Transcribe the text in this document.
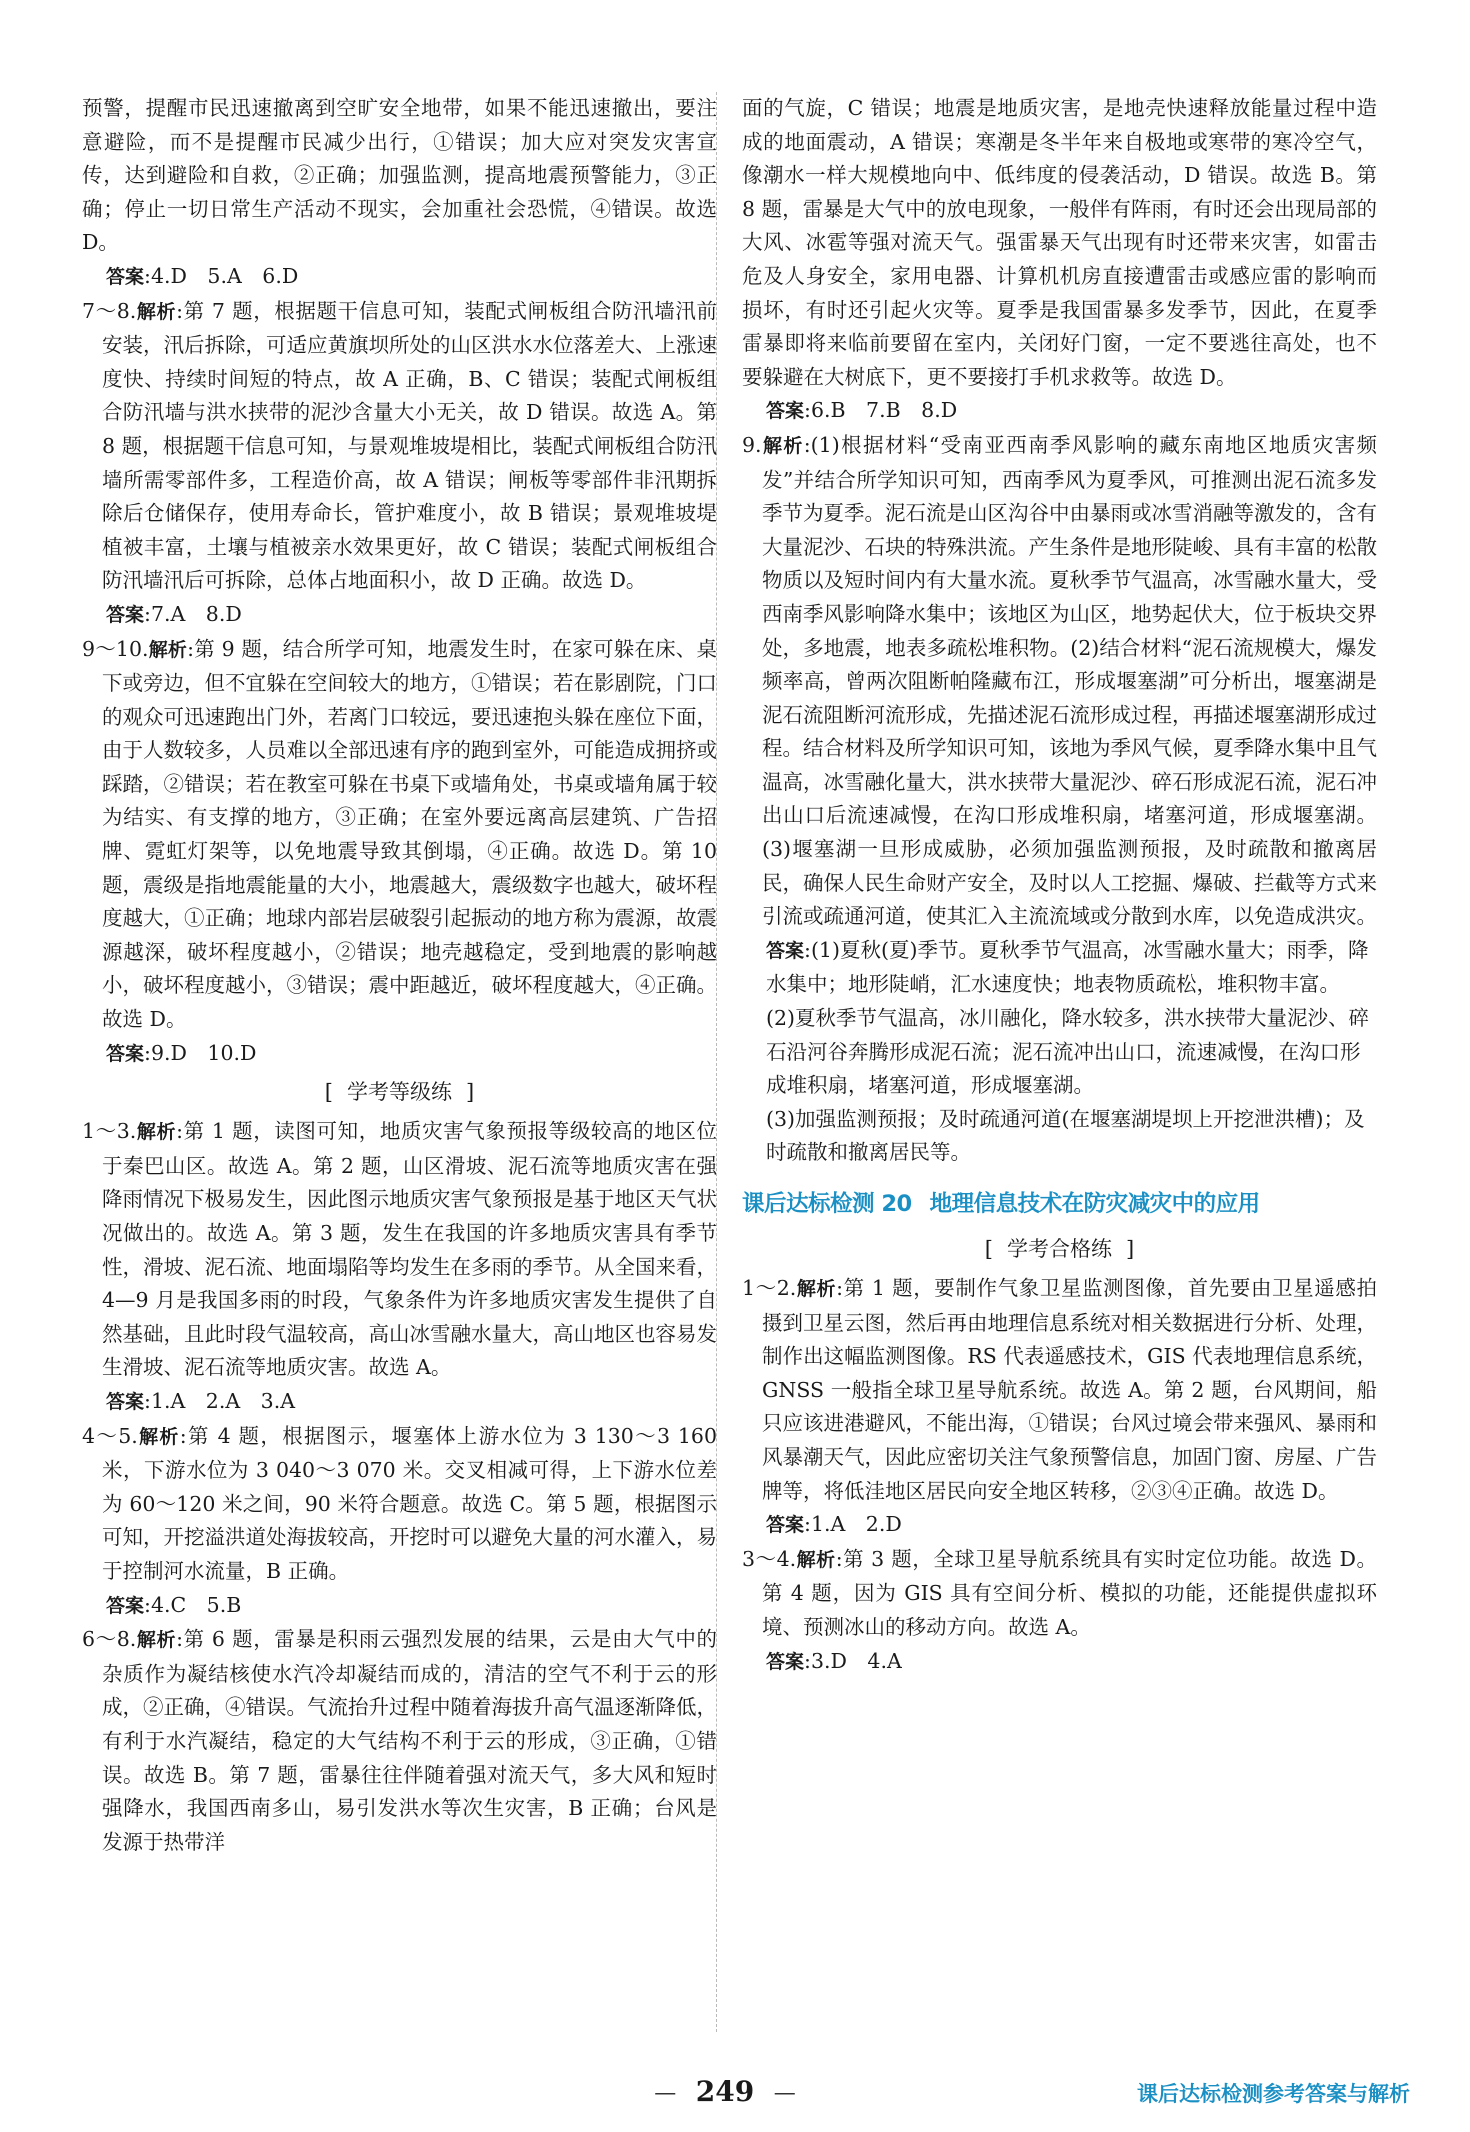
预警，提醒市民迅速撤离到空旷安全地带，如果不能迅速撤出，要注意避险，而不是提醒市民减少出行，①错误；加大应对突发灾害宣传，达到避险和自救，②正确；加强监测，提高地震预警能力，③正确；停止一切日常生产活动不现实，会加重社会恐慌，④错误。故选 D。

答案:4.D　5.A　6.D

7～8.解析:第 7 题，根据题干信息可知，装配式闸板组合防汛墙汛前安装，汛后拆除，可适应黄旗坝所处的山区洪水水位落差大、上涨速度快、持续时间短的特点，故 A 正确，B、C 错误；装配式闸板组合防汛墙与洪水挟带的泥沙含量大小无关，故 D 错误。故选 A。第 8 题，根据题干信息可知，与景观堆坡堤相比，装配式闸板组合防汛墙所需零部件多，工程造价高，故 A 错误；闸板等零部件非汛期拆除后仓储保存，使用寿命长，管护难度小，故 B 错误；景观堆坡堤植被丰富，土壤与植被亲水效果更好，故 C 错误；装配式闸板组合防汛墙汛后可拆除，总体占地面积小，故 D 正确。故选 D。

答案:7.A　8.D

9～10.解析:第 9 题，结合所学可知，地震发生时，在家可躲在床、桌下或旁边，但不宜躲在空间较大的地方，①错误；若在影剧院，门口的观众可迅速跑出门外，若离门口较远，要迅速抱头躲在座位下面，由于人数较多，人员难以全部迅速有序的跑到室外，可能造成拥挤或踩踏，②错误；若在教室可躲在书桌下或墙角处，书桌或墙角属于较为结实、有支撑的地方，③正确；在室外要远离高层建筑、广告招牌、霓虹灯架等，以免地震导致其倒塌，④正确。故选 D。第 10 题，震级是指地震能量的大小，地震越大，震级数字也越大，破坏程度越大，①正确；地球内部岩层破裂引起振动的地方称为震源，故震源越深，破坏程度越小，②错误；地壳越稳定，受到地震的影响越小，破坏程度越小，③错误；震中距越近，破坏程度越大，④正确。故选 D。

答案:9.D　10.D

[ 学考等级练 ]

1～3.解析:第 1 题，读图可知，地质灾害气象预报等级较高的地区位于秦巴山区。故选 A。第 2 题，山区滑坡、泥石流等地质灾害在强降雨情况下极易发生，因此图示地质灾害气象预报是基于地区天气状况做出的。故选 A。第 3 题，发生在我国的许多地质灾害具有季节性，滑坡、泥石流、地面塌陷等均发生在多雨的季节。从全国来看，4—9 月是我国多雨的时段，气象条件为许多地质灾害发生提供了自然基础，且此时段气温较高，高山冰雪融水量大，高山地区也容易发生滑坡、泥石流等地质灾害。故选 A。

答案:1.A　2.A　3.A

4～5.解析:第 4 题，根据图示，堰塞体上游水位为 3 130～3 160 米，下游水位为 3 040～3 070 米。交叉相减可得，上下游水位差为 60～120 米之间，90 米符合题意。故选 C。第 5 题，根据图示可知，开挖溢洪道处海拔较高，开挖时可以避免大量的河水灌入，易于控制河水流量，B 正确。

答案:4.C　5.B

6～8.解析:第 6 题，雷暴是积雨云强烈发展的结果，云是由大气中的杂质作为凝结核使水汽冷却凝结而成的，清洁的空气不利于云的形成，②正确，④错误。气流抬升过程中随着海拔升高气温逐渐降低，有利于水汽凝结，稳定的大气结构不利于云的形成，③正确，①错误。故选 B。第 7 题，雷暴往往伴随着强对流天气，多大风和短时强降水，我国西南多山，易引发洪水等次生灾害，B 正确；台风是发源于热带洋

面的气旋，C 错误；地震是地质灾害，是地壳快速释放能量过程中造成的地面震动，A 错误；寒潮是冬半年来自极地或寒带的寒冷空气，像潮水一样大规模地向中、低纬度的侵袭活动，D 错误。故选 B。第 8 题，雷暴是大气中的放电现象，一般伴有阵雨，有时还会出现局部的大风、冰雹等强对流天气。强雷暴天气出现有时还带来灾害，如雷击危及人身安全，家用电器、计算机机房直接遭雷击或感应雷的影响而损坏，有时还引起火灾等。夏季是我国雷暴多发季节，因此，在夏季雷暴即将来临前要留在室内，关闭好门窗，一定不要逃往高处，也不要躲避在大树底下，更不要接打手机求救等。故选 D。

答案:6.B　7.B　8.D

9.解析:(1)根据材料“受南亚西南季风影响的藏东南地区地质灾害频发”并结合所学知识可知，西南季风为夏季风，可推测出泥石流多发季节为夏季。泥石流是山区沟谷中由暴雨或冰雪消融等激发的，含有大量泥沙、石块的特殊洪流。产生条件是地形陡峻、具有丰富的松散物质以及短时间内有大量水流。夏秋季节气温高，冰雪融水量大，受西南季风影响降水集中；该地区为山区，地势起伏大，位于板块交界处，多地震，地表多疏松堆积物。(2)结合材料“泥石流规模大，爆发频率高，曾两次阻断帕隆藏布江，形成堰塞湖”可分析出，堰塞湖是泥石流阻断河流形成，先描述泥石流形成过程，再描述堰塞湖形成过程。结合材料及所学知识可知，该地为季风气候，夏季降水集中且气温高，冰雪融化量大，洪水挟带大量泥沙、碎石形成泥石流，泥石冲出山口后流速减慢，在沟口形成堆积扇，堵塞河道，形成堰塞湖。(3)堰塞湖一旦形成威胁，必须加强监测预报，及时疏散和撤离居民，确保人民生命财产安全，及时以人工挖掘、爆破、拦截等方式来引流或疏通河道，使其汇入主流流域或分散到水库，以免造成洪灾。

答案:(1)夏秋(夏)季节。夏秋季节气温高，冰雪融水量大；雨季，降水集中；地形陡峭，汇水速度快；地表物质疏松，堆积物丰富。

(2)夏秋季节气温高，冰川融化，降水较多，洪水挟带大量泥沙、碎石沿河谷奔腾形成泥石流；泥石流冲出山口，流速减慢，在沟口形成堆积扇，堵塞河道，形成堰塞湖。

(3)加强监测预报；及时疏通河道(在堰塞湖堤坝上开挖泄洪槽)；及时疏散和撤离居民等。

课后达标检测 20 地理信息技术在防灾减灾中的应用
[ 学考合格练 ]

1～2.解析:第 1 题，要制作气象卫星监测图像，首先要由卫星遥感拍摄到卫星云图，然后再由地理信息系统对相关数据进行分析、处理，制作出这幅监测图像。RS 代表遥感技术，GIS 代表地理信息系统，GNSS 一般指全球卫星导航系统。故选 A。第 2 题，台风期间，船只应该进港避风，不能出海，①错误；台风过境会带来强风、暴雨和风暴潮天气，因此应密切关注气象预警信息，加固门窗、房屋、广告牌等，将低洼地区居民向安全地区转移，②③④正确。故选 D。

答案:1.A　2.D

3～4.解析:第 3 题，全球卫星导航系统具有实时定位功能。故选 D。第 4 题，因为 GIS 具有空间分析、模拟的功能，还能提供虚拟环境、预测冰山的移动方向。故选 A。

答案:3.D　4.A

— 249 —	课后达标检测参考答案与解析
